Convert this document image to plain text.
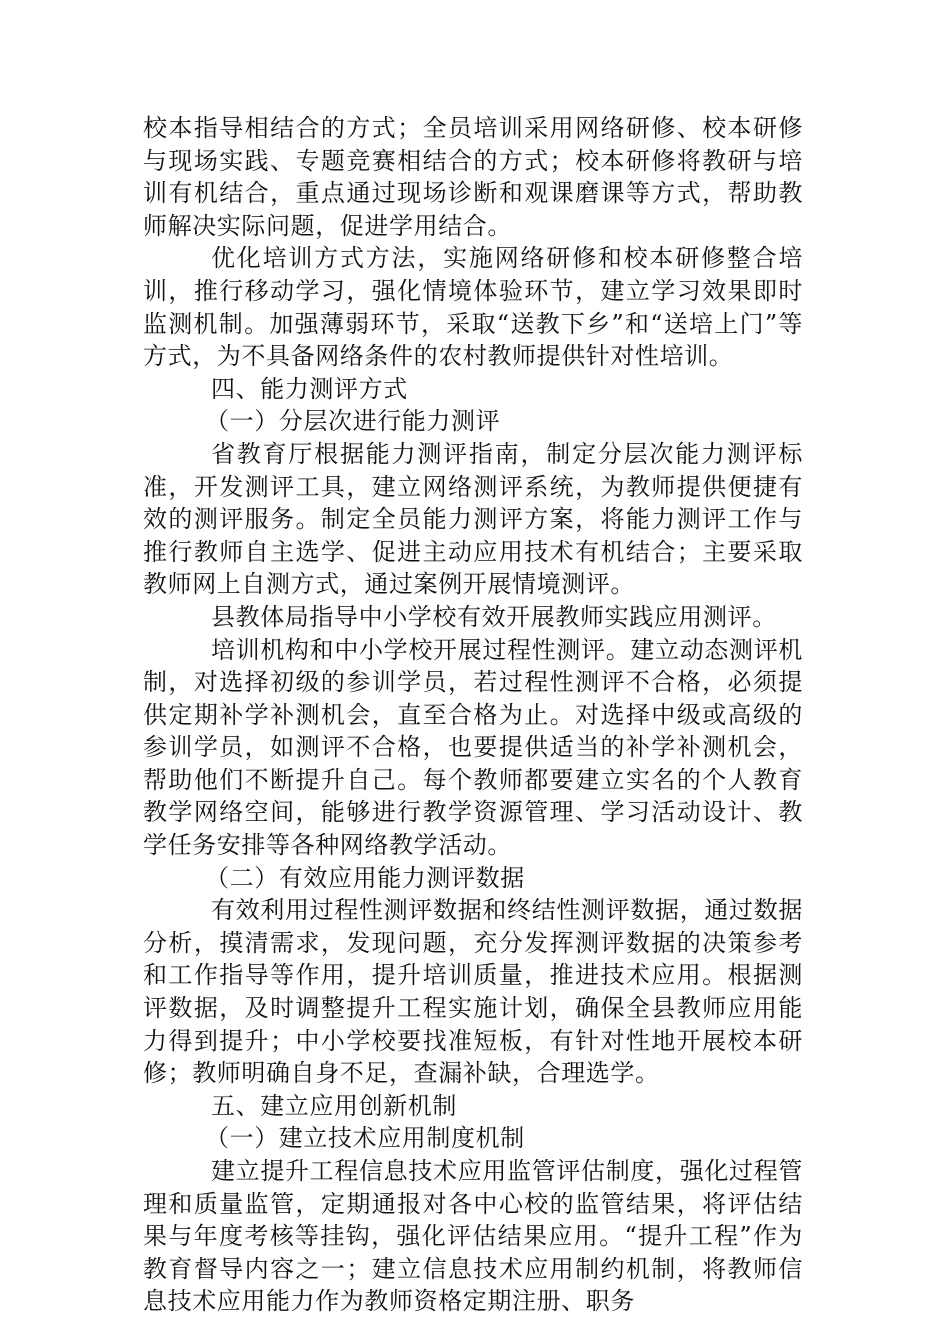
校本指导相结合的方式；全员培训采用网络研修、校本研修与现场实践、专题竞赛相结合的方式；校本研修将教研与培训有机结合，重点通过现场诊断和观课磨课等方式，帮助教师解决实际问题，促进学用结合。

优化培训方式方法，实施网络研修和校本研修整合培训，推行移动学习，强化情境体验环节，建立学习效果即时监测机制。加强薄弱环节，采取“送教下乡”和“送培上门”等方式，为不具备网络条件的农村教师提供针对性培训。

四、能力测评方式

（一）分层次进行能力测评

省教育厅根据能力测评指南，制定分层次能力测评标准，开发测评工具，建立网络测评系统，为教师提供便捷有效的测评服务。制定全员能力测评方案，将能力测评工作与推行教师自主选学、促进主动应用技术有机结合；主要采取教师网上自测方式，通过案例开展情境测评。

县教体局指导中小学校有效开展教师实践应用测评。

培训机构和中小学校开展过程性测评。建立动态测评机制，对选择初级的参训学员，若过程性测评不合格，必须提供定期补学补测机会，直至合格为止。对选择中级或高级的参训学员，如测评不合格，也要提供适当的补学补测机会，帮助他们不断提升自己。每个教师都要建立实名的个人教育教学网络空间，能够进行教学资源管理、学习活动设计、教学任务安排等各种网络教学活动。

（二）有效应用能力测评数据

有效利用过程性测评数据和终结性测评数据，通过数据分析，摸清需求，发现问题，充分发挥测评数据的决策参考和工作指导等作用，提升培训质量，推进技术应用。根据测评数据，及时调整提升工程实施计划，确保全县教师应用能力得到提升；中小学校要找准短板，有针对性地开展校本研修；教师明确自身不足，查漏补缺，合理选学。

五、建立应用创新机制

（一）建立技术应用制度机制

建立提升工程信息技术应用监管评估制度，强化过程管理和质量监管，定期通报对各中心校的监管结果，将评估结果与年度考核等挂钩，强化评估结果应用。“提升工程”作为教育督导内容之一；建立信息技术应用制约机制，将教师信息技术应用能力作为教师资格定期注册、职务
